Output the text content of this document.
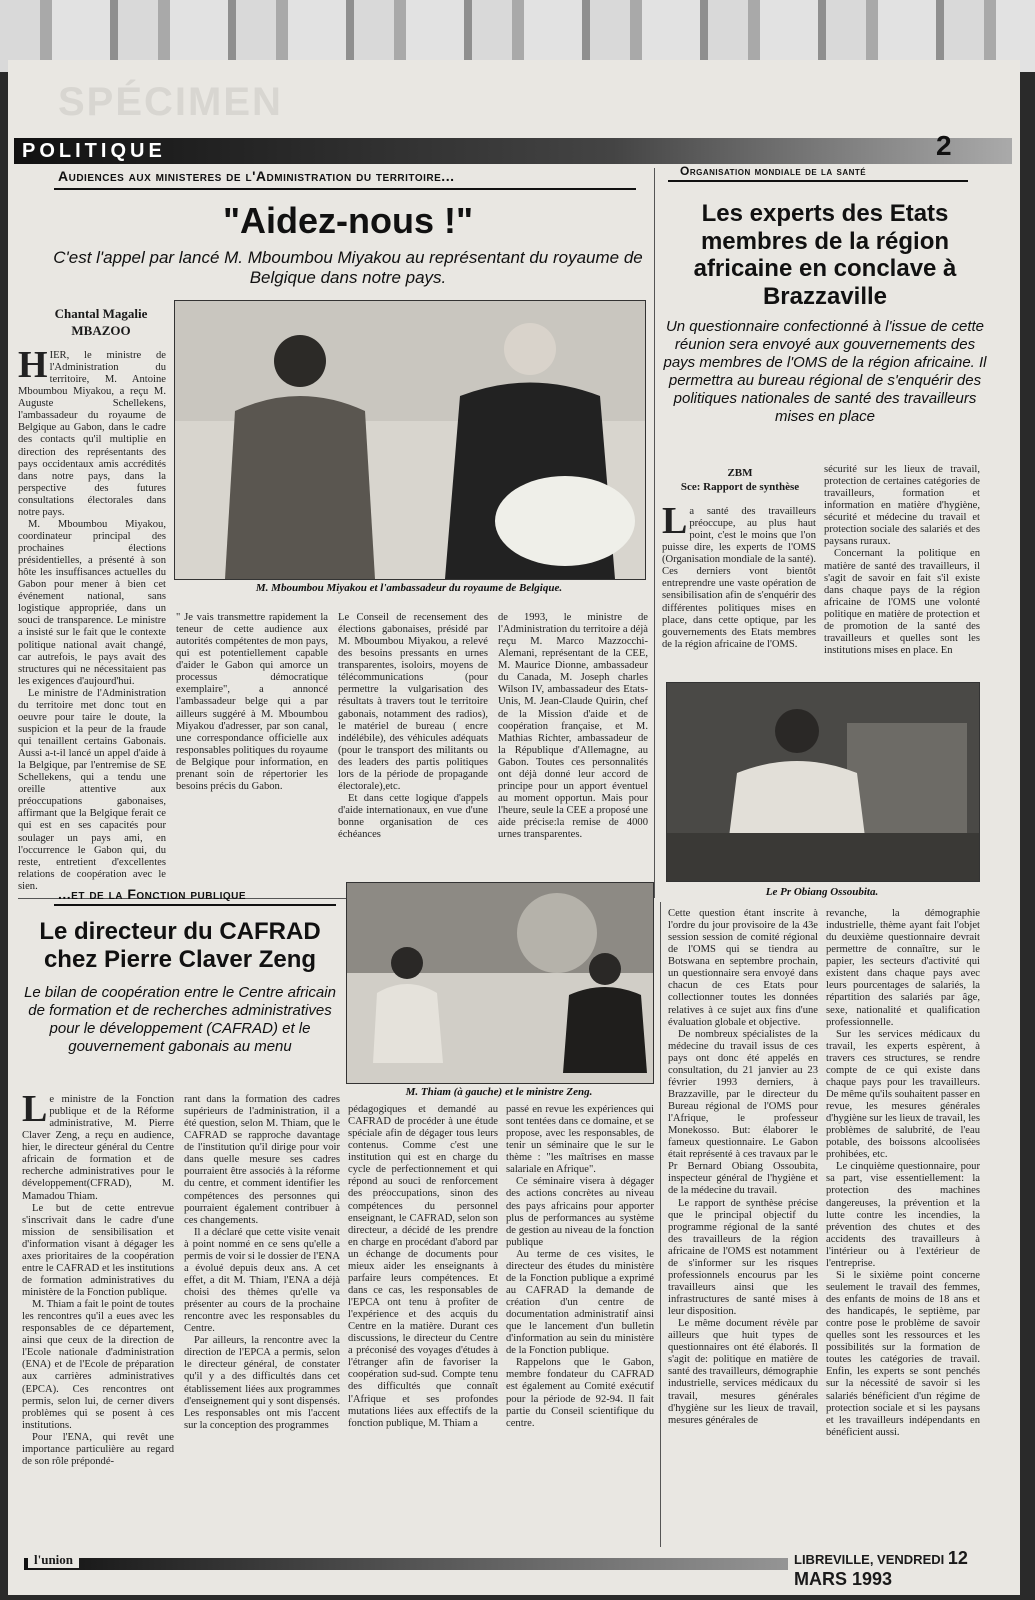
SPÉCIMEN
POLITIQUE	2
Audiences aux ministeres de l'Administration du territoire...
"Aidez-nous !"
C'est l'appel par lancé M. Mboumbou Miyakou au représentant du royaume de Belgique dans notre pays.
Chantal Magalie
MBAZOO
M. Mboumbou Miyakou et l'ambassadeur du royaume de Belgique.

HIER, le ministre de l'Administration du territoire, M. Antoine Mboumbou Miyakou, a reçu M. Auguste Schellekens, l'ambassadeur du royaume de Belgique au Gabon, dans le cadre des contacts qu'il multiplie en direction des représentants des pays occidentaux amis accrédités dans notre pays, dans la perspective des futures consultations électorales dans notre pays.

M. Mboumbou Miyakou, coordinateur principal des prochaines élections présidentielles, a présenté à son hôte les insuffisances actuelles du Gabon pour mener à bien cet événement national, sans logistique appropriée, dans un souci de transparence. Le ministre a insisté sur le fait que le contexte politique national avait changé, car autrefois, le pays avait des structures qui ne nécessitaient pas les exigences d'aujourd'hui.

Le ministre de l'Administration du territoire met donc tout en oeuvre pour taire le doute, la suspicion et la peur de la fraude qui tenaillent certains Gabonais. Aussi a-t-il lancé un appel d'aide à la Belgique, par l'entremise de SE Schellekens, qui a tendu une oreille attentive aux préoccupations gabonaises, affirmant que la Belgique ferait ce qui est en ses capacités pour soulager un pays ami, en l'occurrence le Gabon qui, du reste, entretient d'excellentes relations de coopération avec le sien.

" Je vais transmettre rapidement la teneur de cette audience aux autorités compétentes de mon pays, qui est potentiellement capable d'aider le Gabon qui amorce un processus démocratique exemplaire", a annoncé l'ambassadeur belge qui a par ailleurs suggéré à M. Mboumbou Miyakou d'adresser, par son canal, une correspondance officielle aux responsables politiques du royaume de Belgique pour information, en prenant soin de répertorier les besoins précis du Gabon.

Le Conseil de recensement des élections gabonaises, présidé par M. Mboumbou Miyakou, a relevé des besoins pressants en urnes transparentes, isoloirs, moyens de télécommunications (pour permettre la vulgarisation des résultats à travers tout le territoire gabonais, notamment des radios), le matériel de bureau ( encre indélébile), des véhicules adéquats (pour le transport des militants ou des leaders des partis politiques lors de la période de propagande électorale),etc.

Et dans cette logique d'appels d'aide internationaux, en vue d'une bonne organisation de ces échéances

de 1993, le ministre de l'Administration du territoire a déjà reçu M. Marco Mazzocchi-Alemani, représentant de la CEE, M. Maurice Dionne, ambassadeur du Canada, M. Joseph charles Wilson IV, ambassadeur des Etats-Unis, M. Jean-Claude Quirin, chef de la Mission d'aide et de coopération française, et M. Mathias Richter, ambassadeur de la République d'Allemagne, au Gabon. Toutes ces personnalités ont déjà donné leur accord de principe pour un apport éventuel au moment opportun. Mais pour l'heure, seule la CEE a proposé une aide précise:la remise de 4000 urnes transparentes.

Organisation mondiale de la santé
Les experts des Etats membres de la région africaine en conclave à Brazzaville
Un questionnaire confectionné à l'issue de cette réunion sera envoyé aux gouvernements des pays membres de l'OMS de la région africaine. Il permettra au bureau régional de s'enquérir des politiques nationales de santé des travailleurs mises en place
ZBM
Sce: Rapport de synthèse

La santé des travailleurs préoccupe, au plus haut point, c'est le moins que l'on puisse dire, les experts de l'OMS (Organisation mondiale de la santé). Ces derniers vont bientôt entreprendre une vaste opération de sensibilisation afin de s'enquérir des différentes politiques mises en place, dans cette optique, par les gouvernements des Etats membres de la région africaine de l'OMS.

sécurité sur les lieux de travail, protection de certaines catégories de travailleurs, formation et information en matière d'hygiène, sécurité et médecine du travail et protection sociale des salariés et des paysans ruraux.

Concernant la politique en matière de santé des travailleurs, il s'agit de savoir en fait s'il existe dans chaque pays de la région africaine de l'OMS une volonté politique en matière de protection et de promotion de la santé des travailleurs et quelles sont les institutions mises en place. En

Le Pr Obiang Ossoubita.

Cette question étant inscrite à l'ordre du jour provisoire de la 43e session session de comité régional de l'OMS qui se tiendra au Botswana en septembre prochain, un questionnaire sera envoyé dans chacun de ces Etats pour collectionner toutes les données relatives à ce sujet aux fins d'une évaluation globale et objective.

De nombreux spécialistes de la médecine du travail issus de ces pays ont donc été appelés en consultation, du 21 janvier au 23 février 1993 derniers, à Brazzaville, par le directeur du Bureau régional de l'OMS pour l'Afrique, le professeur Monekosso. But: élaborer le fameux questionnaire. Le Gabon était représenté à ces travaux par le Pr Bernard Obiang Ossoubita, inspecteur général de l'hygiène et de la médecine du travail.

Le rapport de synthèse précise que le principal objectif du programme régional de la santé des travailleurs de la région africaine de l'OMS est notamment de s'informer sur les risques professionnels encourus par les travailleurs ainsi que les infrastructures de santé mises à leur disposition.

Le même document révèle par ailleurs que huit types de questionnaires ont été élaborés. Il s'agit de: politique en matière de santé des travailleurs, démographie industrielle, services médicaux du travail, mesures générales d'hygiène sur les lieux de travail, mesures générales de

revanche, la démographie industrielle, thème ayant fait l'objet du deuxième questionnaire devrait permettre de connaître, sur le papier, les secteurs d'activité qui existent dans chaque pays avec leurs pourcentages de salariés, la répartition des salariés par âge, sexe, nationalité et qualification professionnelle.

Sur les services médicaux du travail, les experts espèrent, à travers ces structures, se rendre compte de ce qui existe dans chaque pays pour les travailleurs. De même qu'ils souhaitent passer en revue, les mesures générales d'hygiène sur les lieux de travail, les problèmes de salubrité, de l'eau potable, des boissons alcoolisées prohibées, etc.

Le cinquième questionnaire, pour sa part, vise essentiellement: la protection des machines dangereuses, la prévention et la lutte contre les incendies, la prévention des chutes et des accidents des travailleurs à l'intérieur ou à l'extérieur de l'entreprise.

Si le sixième point concerne seulement le travail des femmes, des enfants de moins de 18 ans et des handicapés, le septième, par contre pose le problème de savoir quelles sont les ressources et les possibilités sur la formation de toutes les catégories de travail. Enfin, les experts se sont penchés sur la nécessité de savoir si les salariés bénéficient d'un régime de protection sociale et si les paysans et les travailleurs indépendants en bénéficient aussi.

...et de la Fonction publique
Le directeur du CAFRAD chez Pierre Claver Zeng
Le bilan de coopération entre le Centre africain de formation et de recherches administratives pour le développement (CAFRAD) et le gouvernement gabonais au menu
M. Thiam (à gauche) et le ministre Zeng.

Le ministre de la Fonction publique et de la Réforme administrative, M. Pierre Claver Zeng, a reçu en audience, hier, le directeur général du Centre africain de formation et de recherche administratives pour le développement(CFRAD), M. Mamadou Thiam.

Le but de cette entrevue s'inscrivait dans le cadre d'une mission de sensibilisation et d'information visant à dégager les axes prioritaires de la coopération entre le CAFRAD et les institutions de formation administratives du ministère de la Fonction publique.

M. Thiam a fait le point de toutes les rencontres qu'il a eues avec les responsables de ce département, ainsi que ceux de la direction de l'Ecole nationale d'administration (ENA) et de l'Ecole de préparation aux carrières administratives (EPCA). Ces rencontres ont permis, selon lui, de cerner divers problèmes qui se posent à ces institutions.

Pour l'ENA, qui revêt une importance particulière au regard de son rôle prépondé-

rant dans la formation des cadres supérieurs de l'administration, il a été question, selon M. Thiam, que le CAFRAD se rapproche davantage de l'institution qu'il dirige pour voir dans quelle mesure ses cadres pourraient être associés à la réforme du centre, et comment identifier les compétences des personnes qui pourraient également contribuer à ces changements.

Il a déclaré que cette visite venait à point nommé en ce sens qu'elle a permis de voir si le dossier de l'ENA a évolué depuis deux ans. A cet effet, a dit M. Thiam, l'ENA a déjà choisi des thèmes qu'elle va présenter au cours de la prochaine rencontre avec les responsables du Centre.

Par ailleurs, la rencontre avec la direction de l'EPCA a permis, selon le directeur général, de constater qu'il y a des difficultés dans cet établissement liées aux programmes d'enseignement qui y sont dispensés. Les responsables ont mis l'accent sur la conception des programmes

pédagogiques et demandé au CAFRAD de procéder à une étude spéciale afin de dégager tous leurs contenus. Comme c'est une institution qui est en charge du cycle de perfectionnement et qui répond au souci de renforcement des préoccupations, sinon des compétences du personnel enseignant, le CAFRAD, selon son directeur, a décidé de les prendre en charge en procédant d'abord par un échange de documents pour mieux aider les enseignants à parfaire leurs compétences. Et dans ce cas, les responsables de l'EPCA ont tenu à profiter de l'expérience et des acquis du Centre en la matière. Durant ces discussions, le directeur du Centre a préconisé des voyages d'études à l'étranger afin de favoriser la coopération sud-sud. Compte tenu des difficultés que connaît l'Afrique et ses profondes mutations liées aux effectifs de la fonction publique, M. Thiam a

passé en revue les expériences qui sont tentées dans ce domaine, et se propose, avec les responsables, de tenir un séminaire que le sur le thème : "les maîtrises en masse salariale en Afrique".

Ce séminaire visera à dégager des actions concrètes au niveau des pays africains pour apporter plus de performances au système de gestion au niveau de la fonction publique

Au terme de ces visites, le directeur des études du ministère de la Fonction publique a exprimé au CAFRAD la demande de création d'un centre de documentation administratif ainsi que le lancement d'un bulletin d'information au sein du ministère de la Fonction publique.

Rappelons que le Gabon, membre fondateur du CAFRAD est également au Comité exécutif pour la période de 92-94. Il fait partie du Conseil scientifique du centre.

l'union	LIBREVILLE, VENDREDI 12 MARS 1993
